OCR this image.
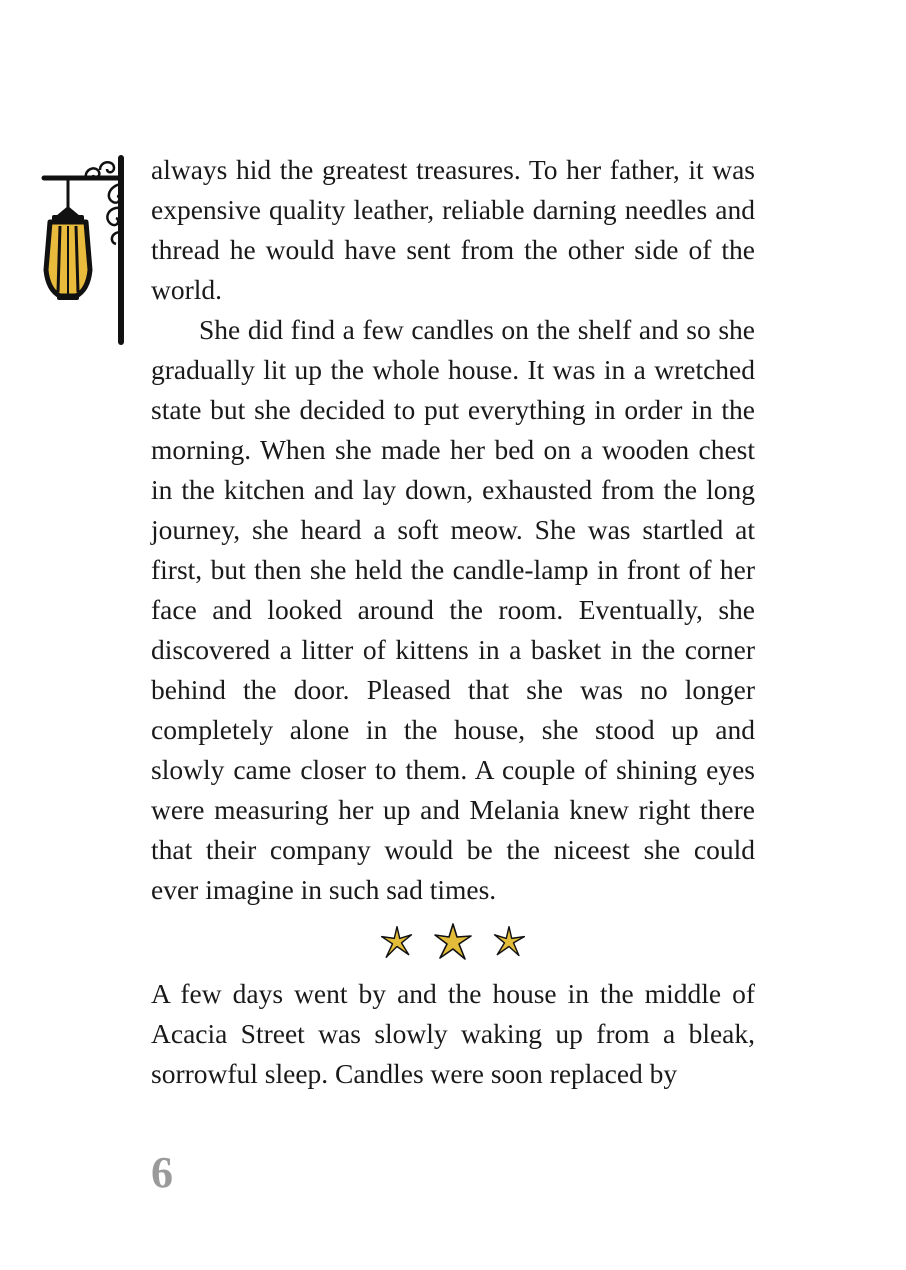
always hid the greatest treasures. To her father, it was expensive quality leather, reliable darning needles and thread he would have sent from the other side of the world.

She did find a few candles on the shelf and so she gradually lit up the whole house. It was in a wretched state but she decided to put everything in order in the morning. When she made her bed on a wooden chest in the kitchen and lay down, exhausted from the long journey, she heard a soft meow. She was startled at first, but then she held the candle-lamp in front of her face and looked around the room. Eventually, she discovered a litter of kittens in a basket in the corner behind the door. Pleased that she was no longer completely alone in the house, she stood up and slowly came closer to them. A couple of shining eyes were measuring her up and Melania knew right there that their company would be the niceest she could ever imagine in such sad times.

A few days went by and the house in the middle of Acacia Street was slowly waking up from a bleak, sorrowful sleep. Candles were soon replaced by

6
